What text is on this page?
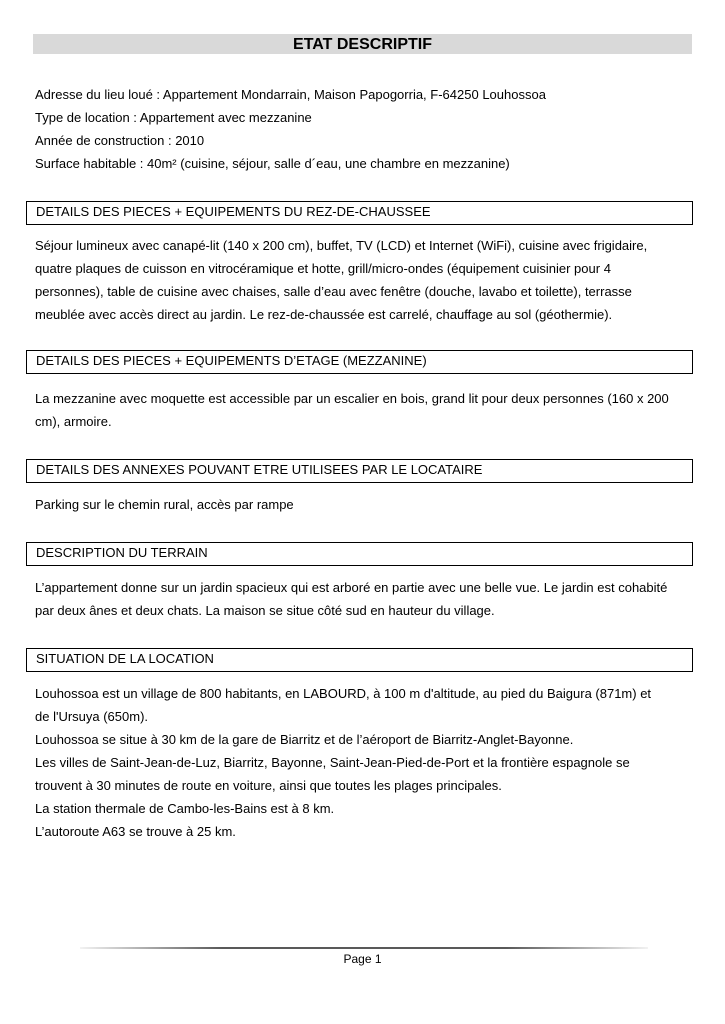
ETAT DESCRIPTIF

Adresse du lieu loué : Appartement Mondarrain, Maison Papogorria, F-64250 Louhossoa

Type de location : Appartement avec mezzanine

Année de construction : 2010

Surface habitable : 40m² (cuisine, séjour, salle d´eau, une chambre en mezzanine)

DETAILS DES PIECES + EQUIPEMENTS DU REZ-DE-CHAUSSEE

Séjour lumineux avec canapé-lit (140 x 200 cm), buffet, TV (LCD) et Internet (WiFi), cuisine avec frigidaire,

quatre plaques de cuisson en vitrocéramique et hotte, grill/micro-ondes (équipement cuisinier pour 4

personnes), table de cuisine avec chaises, salle d’eau avec fenêtre (douche, lavabo et toilette), terrasse

meublée avec accès direct au jardin. Le rez-de-chaussée est carrelé, chauffage au sol (géothermie).

DETAILS DES PIECES + EQUIPEMENTS D’ETAGE (MEZZANINE)

La mezzanine avec moquette est accessible par un escalier en bois, grand lit pour deux personnes (160 x 200

cm), armoire.

DETAILS DES ANNEXES POUVANT ETRE UTILISEES PAR LE LOCATAIRE

Parking sur le chemin rural, accès par rampe

DESCRIPTION DU TERRAIN

L’appartement donne sur un jardin spacieux qui est arboré en partie avec une belle vue. Le jardin est cohabité

par deux ânes et deux chats. La maison se situe côté sud en hauteur du village.

SITUATION DE LA LOCATION

Louhossoa est un village de 800 habitants, en LABOURD, à 100 m d'altitude, au pied du Baigura (871m) et

de l'Ursuya (650m).

Louhossoa se situe à 30 km de la gare de Biarritz et de l’aéroport de Biarritz-Anglet-Bayonne.

Les villes de Saint-Jean-de-Luz, Biarritz, Bayonne, Saint-Jean-Pied-de-Port et la frontière espagnole se

trouvent à 30 minutes de route en voiture, ainsi que toutes les plages principales.

La station thermale de Cambo-les-Bains est à 8 km.

L’autoroute A63 se trouve à 25 km.

Page 1
